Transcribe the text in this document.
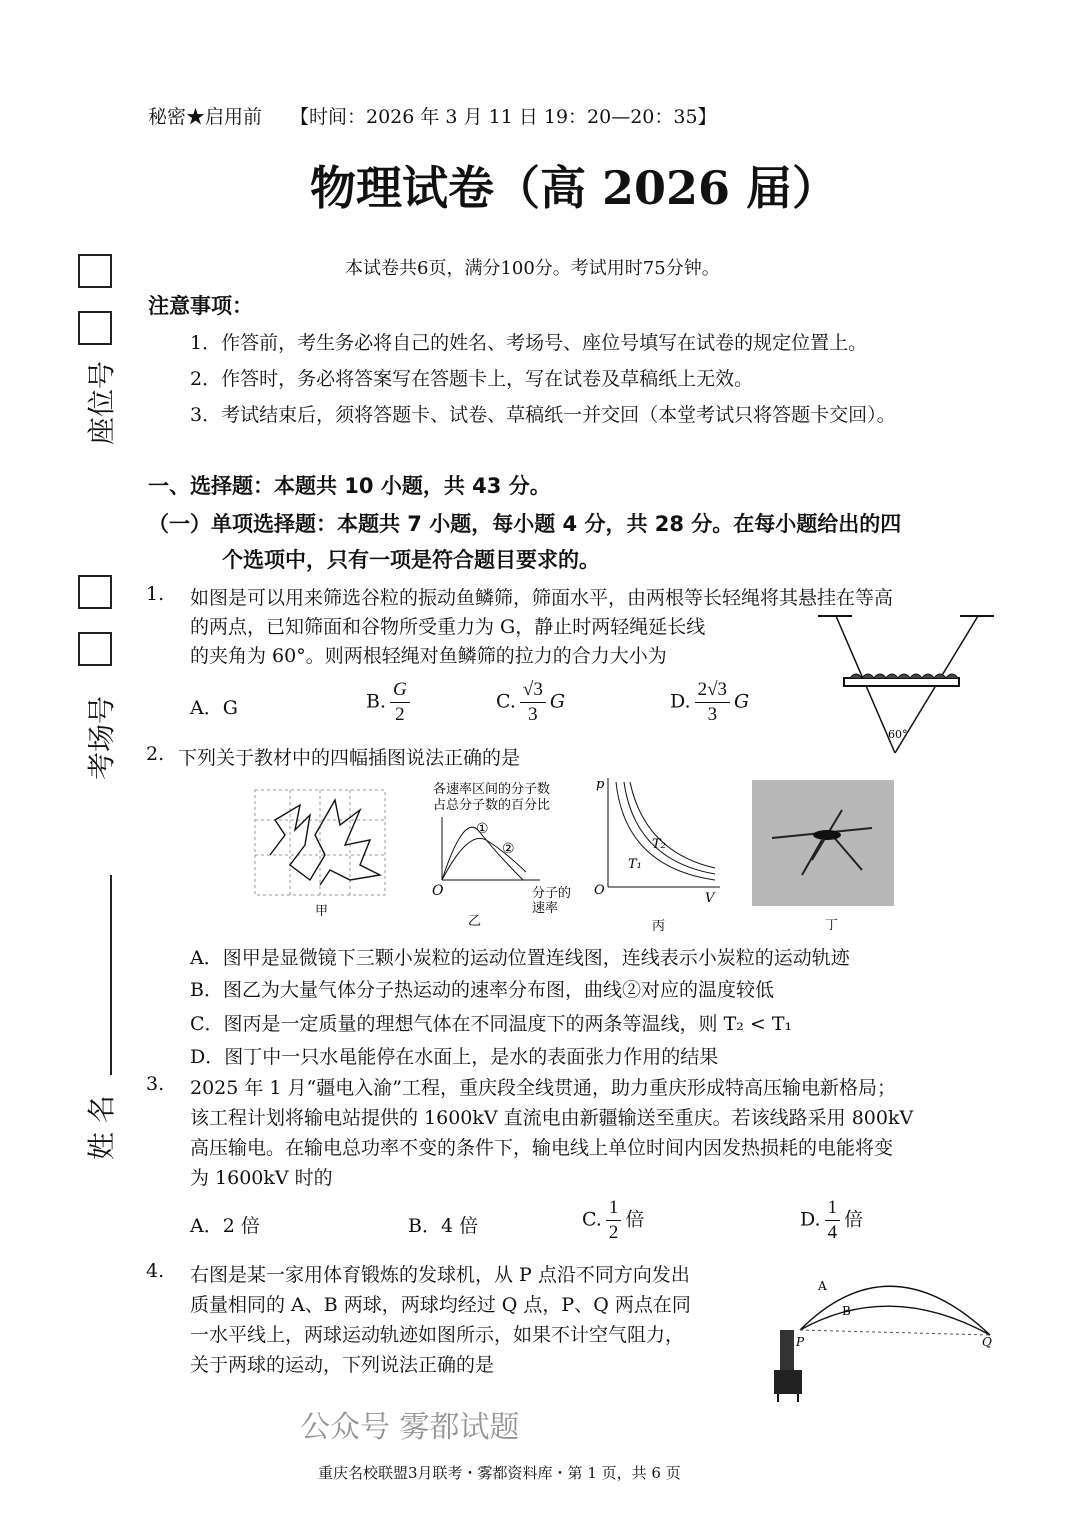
秘密★启用前 【时间：2026 年 3 月 11 日 19：20—20：35】
物理试卷（高 2026 届）
本试卷共6页，满分100分。考试用时75分钟。
座位号
考场号
姓 名
注意事项：
1．作答前，考生务必将自己的姓名、考场号、座位号填写在试卷的规定位置上。
2．作答时，务必将答案写在答题卡上，写在试卷及草稿纸上无效。
3．考试结束后，须将答题卡、试卷、草稿纸一并交回（本堂考试只将答题卡交回）。
一、选择题：本题共 10 小题，共 43 分。
（一）单项选择题：本题共 7 小题，每小题 4 分，共 28 分。在每小题给出的四
个选项中，只有一项是符合题目要求的。
1. 如图是可以用来筛选谷粒的振动鱼鳞筛，筛面水平，由两根等长轻绳将其悬挂在等高
的两点，已知筛面和谷物所受重力为 G，静止时两轻绳延长线
的夹角为 60°。则两根轻绳对鱼鳞筛的拉力的合力大小为
A．G	B. $\frac{G}{2}$	C. $\frac{√3}{3}$ G	D. $\frac{2√3}{3}$ G
60°
2. 下列关于教材中的四幅插图说法正确的是
甲
各速率区间的分子数
占总分子数的百分比
①
②
O	分子的
速率
乙
p
V
O
T₁
T₂
丙	丁
A．图甲是显微镜下三颗小炭粒的运动位置连线图，连线表示小炭粒的运动轨迹
B．图乙为大量气体分子热运动的速率分布图，曲线②对应的温度较低
C．图丙是一定质量的理想气体在不同温度下的两条等温线，则 T₂ < T₁
D．图丁中一只水黾能停在水面上，是水的表面张力作用的结果
3. 2025 年 1 月“疆电入渝”工程，重庆段全线贯通，助力重庆形成特高压输电新格局；
该工程计划将输电站提供的 1600kV 直流电由新疆输送至重庆。若该线路采用 800kV
高压输电。在输电总功率不变的条件下，输电线上单位时间内因发热损耗的电能将变
为 1600kV 时的
A．2 倍	B．4 倍	C. $\frac{1}{2}$ 倍	D. $\frac{1}{4}$ 倍
4. 右图是某一家用体育锻炼的发球机，从 P 点沿不同方向发出
质量相同的 A、B 两球，两球均经过 Q 点，P、Q 两点在同
一水平线上，两球运动轨迹如图所示，如果不计空气阻力，
关于两球的运动，下列说法正确的是
A
B
P	Q
公众号 雾都试题
重庆名校联盟3月联考・雾都资料库・第 1 页，共 6 页
